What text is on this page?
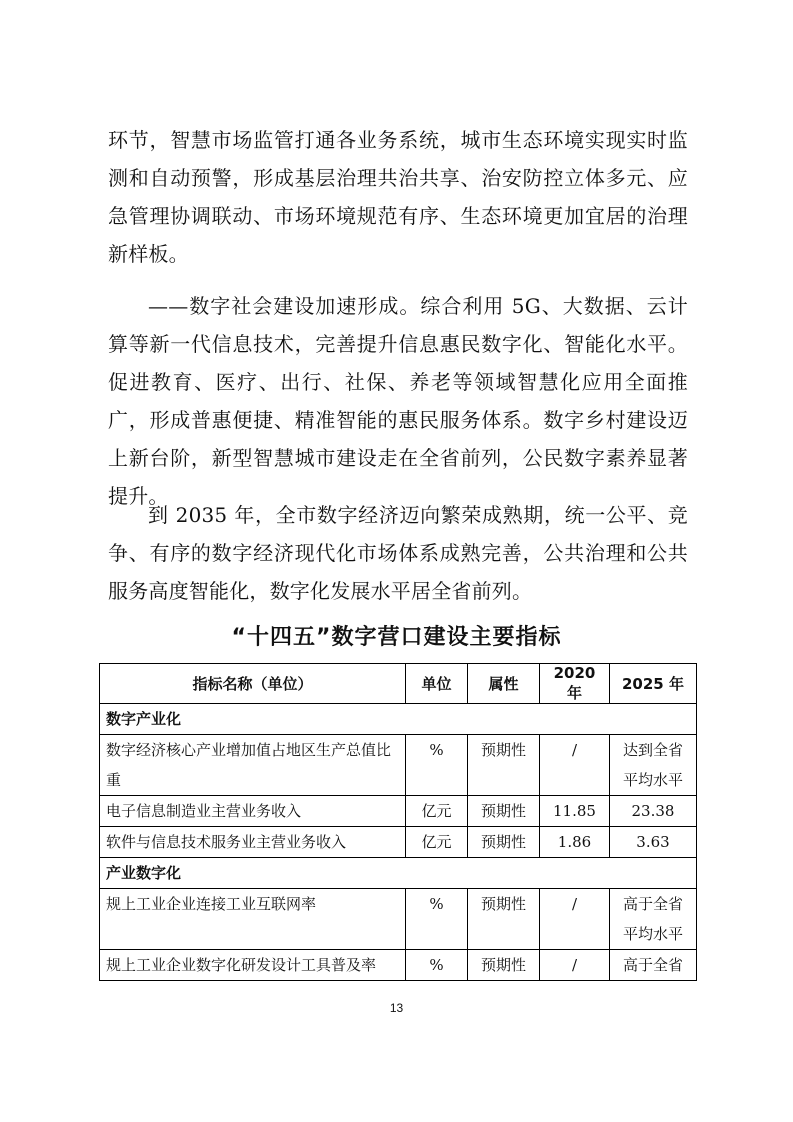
环节，智慧市场监管打通各业务系统，城市生态环境实现实时监测和自动预警，形成基层治理共治共享、治安防控立体多元、应急管理协调联动、市场环境规范有序、生态环境更加宜居的治理新样板。

——数字社会建设加速形成。综合利用 5G、大数据、云计算等新一代信息技术，完善提升信息惠民数字化、智能化水平。促进教育、医疗、出行、社保、养老等领域智慧化应用全面推广，形成普惠便捷、精准智能的惠民服务体系。数字乡村建设迈上新台阶，新型智慧城市建设走在全省前列，公民数字素养显著提升。

到 2035 年，全市数字经济迈向繁荣成熟期，统一公平、竞争、有序的数字经济现代化市场体系成熟完善，公共治理和公共服务高度智能化，数字化发展水平居全省前列。

“十四五”数字营口建设主要指标

指标名称（单位）	单位	属性	2020 年	2025 年
数字产业化				
数字经济核心产业增加值占地区生产总值比重	%	预期性	/	达到全省平均水平
电子信息制造业主营业务收入	亿元	预期性	11.85	23.38
软件与信息技术服务业主营业务收入	亿元	预期性	1.86	3.63
产业数字化				
规上工业企业连接工业互联网率	%	预期性	/	高于全省平均水平
规上工业企业数字化研发设计工具普及率	%	预期性	/	高于全省
13
